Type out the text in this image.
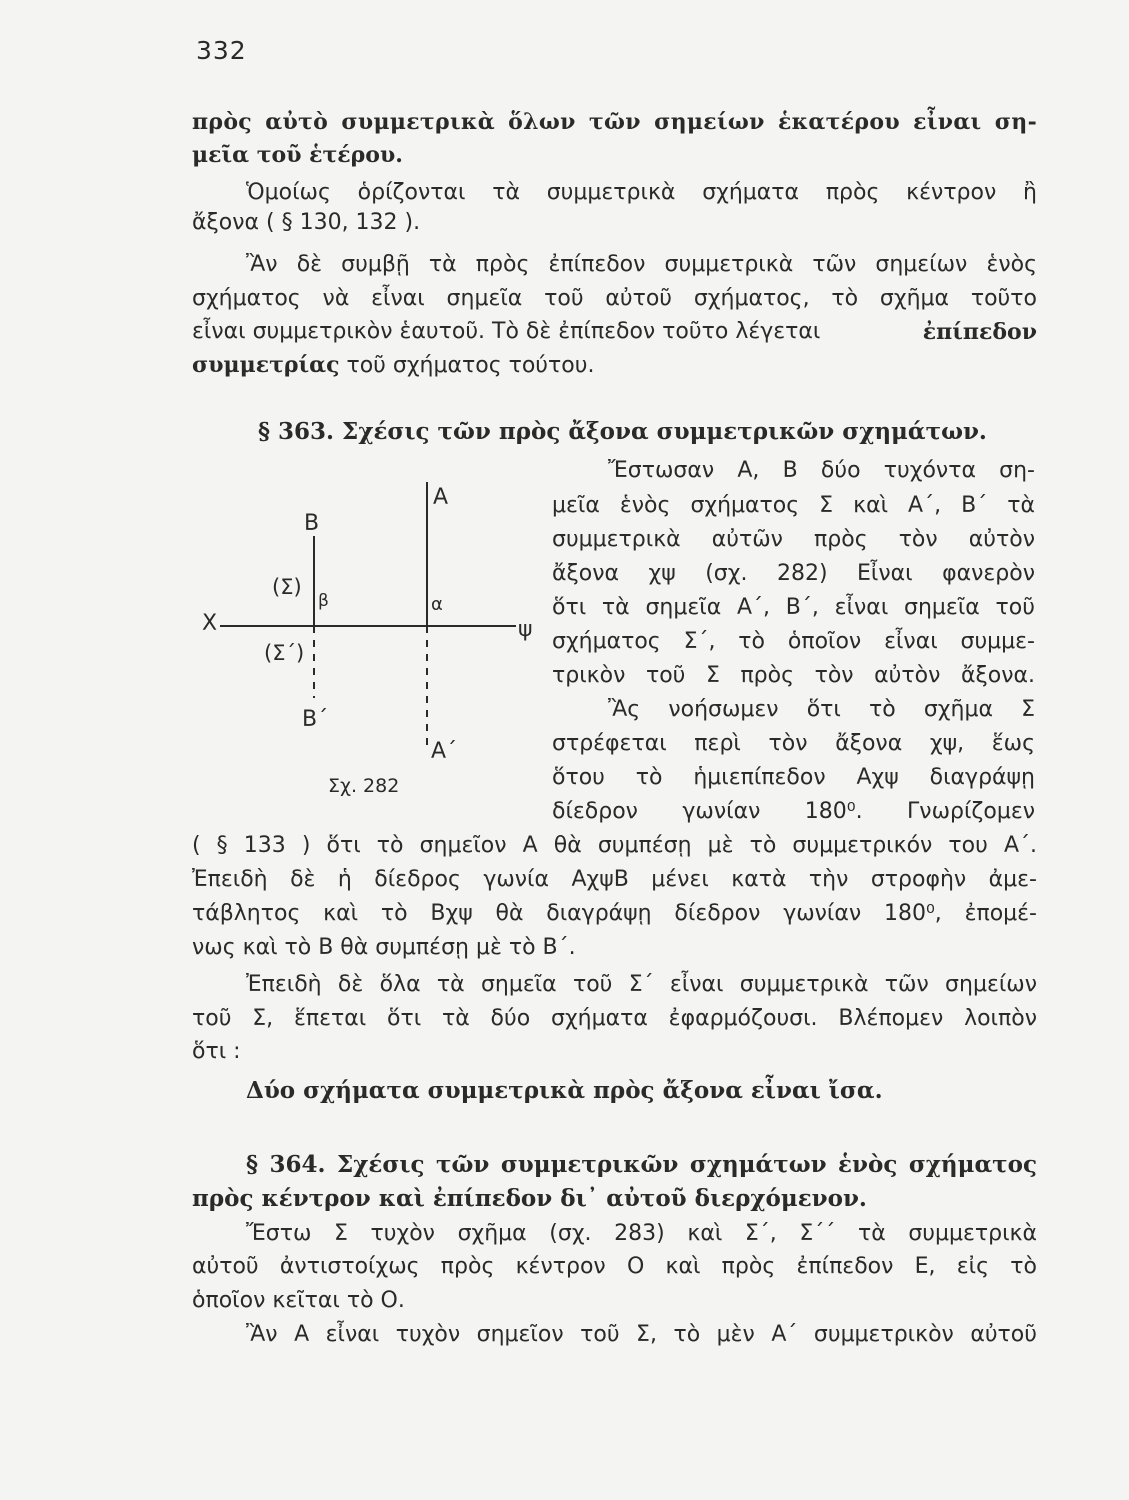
332
πρὸς αὐτὸ συμμετρικὰ ὅλων τῶν σημείων ἑκατέρου εἶναι ση-
μεῖα τοῦ ἑτέρου.
Ὁμοίως ὁρίζονται τὰ συμμετρικὰ σχήματα πρὸς κέντρον ἢ
ἄξονα ( § 130, 132 ).
Ἂν δὲ συμβῇ τὰ πρὸς ἐπίπεδον συμμετρικὰ τῶν σημείων ἑνὸς
σχήματος νὰ εἶναι σημεῖα τοῦ αὐτοῦ σχήματος, τὸ σχῆμα τοῦτο
εἶναι συμμετρικὸν ἑαυτοῦ. Τὸ δὲ ἐπίπεδον τοῦτο λέγεται	ἐπίπεδον
συμμετρίας τοῦ σχήματος τούτου.
§ 363. Σχέσις τῶν πρὸς ἄξονα συμμετρικῶν σχημάτων.
Ἔστωσαν Α, Β δύο τυχόντα ση-
μεῖα ἑνὸς σχήματος Σ καὶ Α΄, Β΄ τὰ
συμμετρικὰ αὐτῶν πρὸς τὸν αὐτὸν
ἄξονα χψ (σχ. 282) Εἶναι φανερὸν
ὅτι τὰ σημεῖα Α΄, Β΄, εἶναι σημεῖα τοῦ
σχήματος Σ΄, τὸ ὁποῖον εἶναι συμμε-
τρικὸν τοῦ Σ πρὸς τὸν αὐτὸν ἄξονα.
Ἂς νοήσωμεν ὅτι τὸ σχῆμα Σ
στρέφεται περὶ τὸν ἄξονα χψ, ἕως
ὅτου τὸ ἡμιεπίπεδον Αχψ διαγράψῃ
δίεδρον γωνίαν 180⁰. Γνωρίζομεν
Α
Β
(Σ)
β	α
Χ	ψ
(Σ΄)
Β΄
Α΄
Σχ. 282
( § 133 ) ὅτι τὸ σημεῖον Α θὰ συμπέσῃ μὲ τὸ συμμετρικόν του Α΄.
Ἐπειδὴ δὲ ἡ δίεδρος γωνία ΑχψΒ μένει κατὰ τὴν στροφὴν ἀμε-
τάβλητος καὶ τὸ Βχψ θὰ διαγράψῃ δίεδρον γωνίαν 180⁰, ἐπομέ-
νως καὶ τὸ Β θὰ συμπέσῃ μὲ τὸ Β΄.
Ἐπειδὴ δὲ ὅλα τὰ σημεῖα τοῦ Σ΄ εἶναι συμμετρικὰ τῶν σημείων
τοῦ Σ, ἕπεται ὅτι τὰ δύο σχήματα ἐφαρμόζουσι. Βλέπομεν λοιπὸν
ὅτι :
Δύο σχήματα συμμετρικὰ πρὸς ἄξονα εἶναι ἴσα.
§ 364. Σχέσις τῶν συμμετρικῶν σχημάτων ἑνὸς σχήματος
πρὸς κέντρον καὶ ἐπίπεδον δι᾽ αὐτοῦ διερχόμενον.
Ἔστω Σ τυχὸν σχῆμα (σχ. 283) καὶ Σ΄, Σ΄΄ τὰ συμμετρικὰ
αὐτοῦ ἀντιστοίχως πρὸς κέντρον Ο καὶ πρὸς ἐπίπεδον Ε, εἰς τὸ
ὁποῖον κεῖται τὸ Ο.
Ἂν Α εἶναι τυχὸν σημεῖον τοῦ Σ, τὸ μὲν Α΄ συμμετρικὸν αὐτοῦ
